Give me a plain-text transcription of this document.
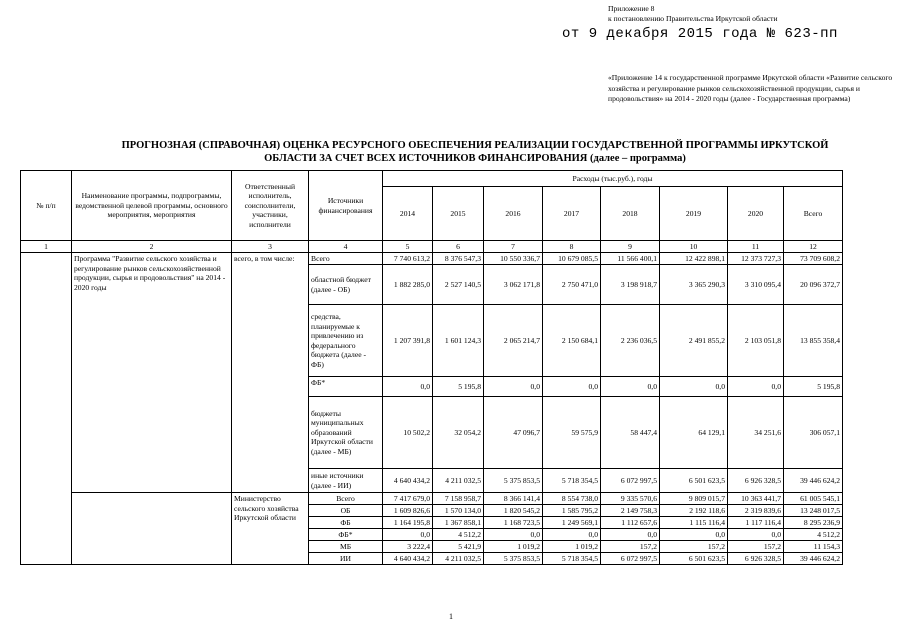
Приложение 8
к постановлению Правительства Иркутской области
от 9 декабря 2015 года № 623-пп
«Приложение 14 к государственной программе Иркутской области «Развитие сельского хозяйства и регулирование рынков сельскохозяйственной продукции, сырья и продовольствия» на 2014 - 2020 годы (далее - Государственная программа)
ПРОГНОЗНАЯ (СПРАВОЧНАЯ) ОЦЕНКА РЕСУРСНОГО ОБЕСПЕЧЕНИЯ РЕАЛИЗАЦИИ ГОСУДАРСТВЕННОЙ ПРОГРАММЫ ИРКУТСКОЙ ОБЛАСТИ ЗА СЧЕТ ВСЕХ ИСТОЧНИКОВ ФИНАНСИРОВАНИЯ (далее – программа)
№ п/п	Наименование программы, подпрограммы, ведомственной целевой программы, основного мероприятия, мероприятия	Ответственный исполнитель, соисполнители, участники, исполнители	Источники финансирования	Расходы (тыс.руб.), годы							
				2014	2015	2016	2017	2018	2019	2020	Всего
1	2	3	4	5	6	7	8	9	10	11	12
	Программа "Развитие сельского хозяйства и регулирование рынков сельскохозяйственной продукции, сырья и продовольствия" на 2014 - 2020 годы	всего, в том числе:	Всего	7 740 613,2	8 376 547,3	10 550 336,7	10 679 085,5	11 566 400,1	12 422 898,1	12 373 727,3	73 709 608,2
			областной бюджет (далее - ОБ)	1 882 285,0	2 527 140,5	3 062 171,8	2 750 471,0	3 198 918,7	3 365 290,3	3 310 095,4	20 096 372,7
			средства, планируемые к привлечению из федерального бюджета (далее - ФБ)	1 207 391,8	1 601 124,3	2 065 214,7	2 150 684,1	2 236 036,5	2 491 855,2	2 103 051,8	13 855 358,4
			ФБ*	0,0	5 195,8	0,0	0,0	0,0	0,0	0,0	5 195,8
			бюджеты муниципальных образований Иркутской области (далее - МБ)	10 502,2	32 054,2	47 096,7	59 575,9	58 447,4	64 129,1	34 251,6	306 057,1
			иные источники (далее - ИИ)	4 640 434,2	4 211 032,5	5 375 853,5	5 718 354,5	6 072 997,5	6 501 623,5	6 926 328,5	39 446 624,2
		Министерство сельского хозяйства Иркутской области	Всего	7 417 679,0	7 158 958,7	8 366 141,4	8 554 738,0	9 335 570,6	9 809 015,7	10 363 441,7	61 005 545,1
			ОБ	1 609 826,6	1 570 134,0	1 820 545,2	1 585 795,2	2 149 758,3	2 192 118,6	2 319 839,6	13 248 017,5
			ФБ	1 164 195,8	1 367 858,1	1 168 723,5	1 249 569,1	1 112 657,6	1 115 116,4	1 117 116,4	8 295 236,9
			ФБ*	0,0	4 512,2	0,0	0,0	0,0	0,0	0,0	4 512,2
			МБ	3 222,4	5 421,9	1 019,2	1 019,2	157,2	157,2	157,2	11 154,3
			ИИ	4 640 434,2	4 211 032,5	5 375 853,5	5 718 354,5	6 072 997,5	6 501 623,5	6 926 328,5	39 446 624,2
1
